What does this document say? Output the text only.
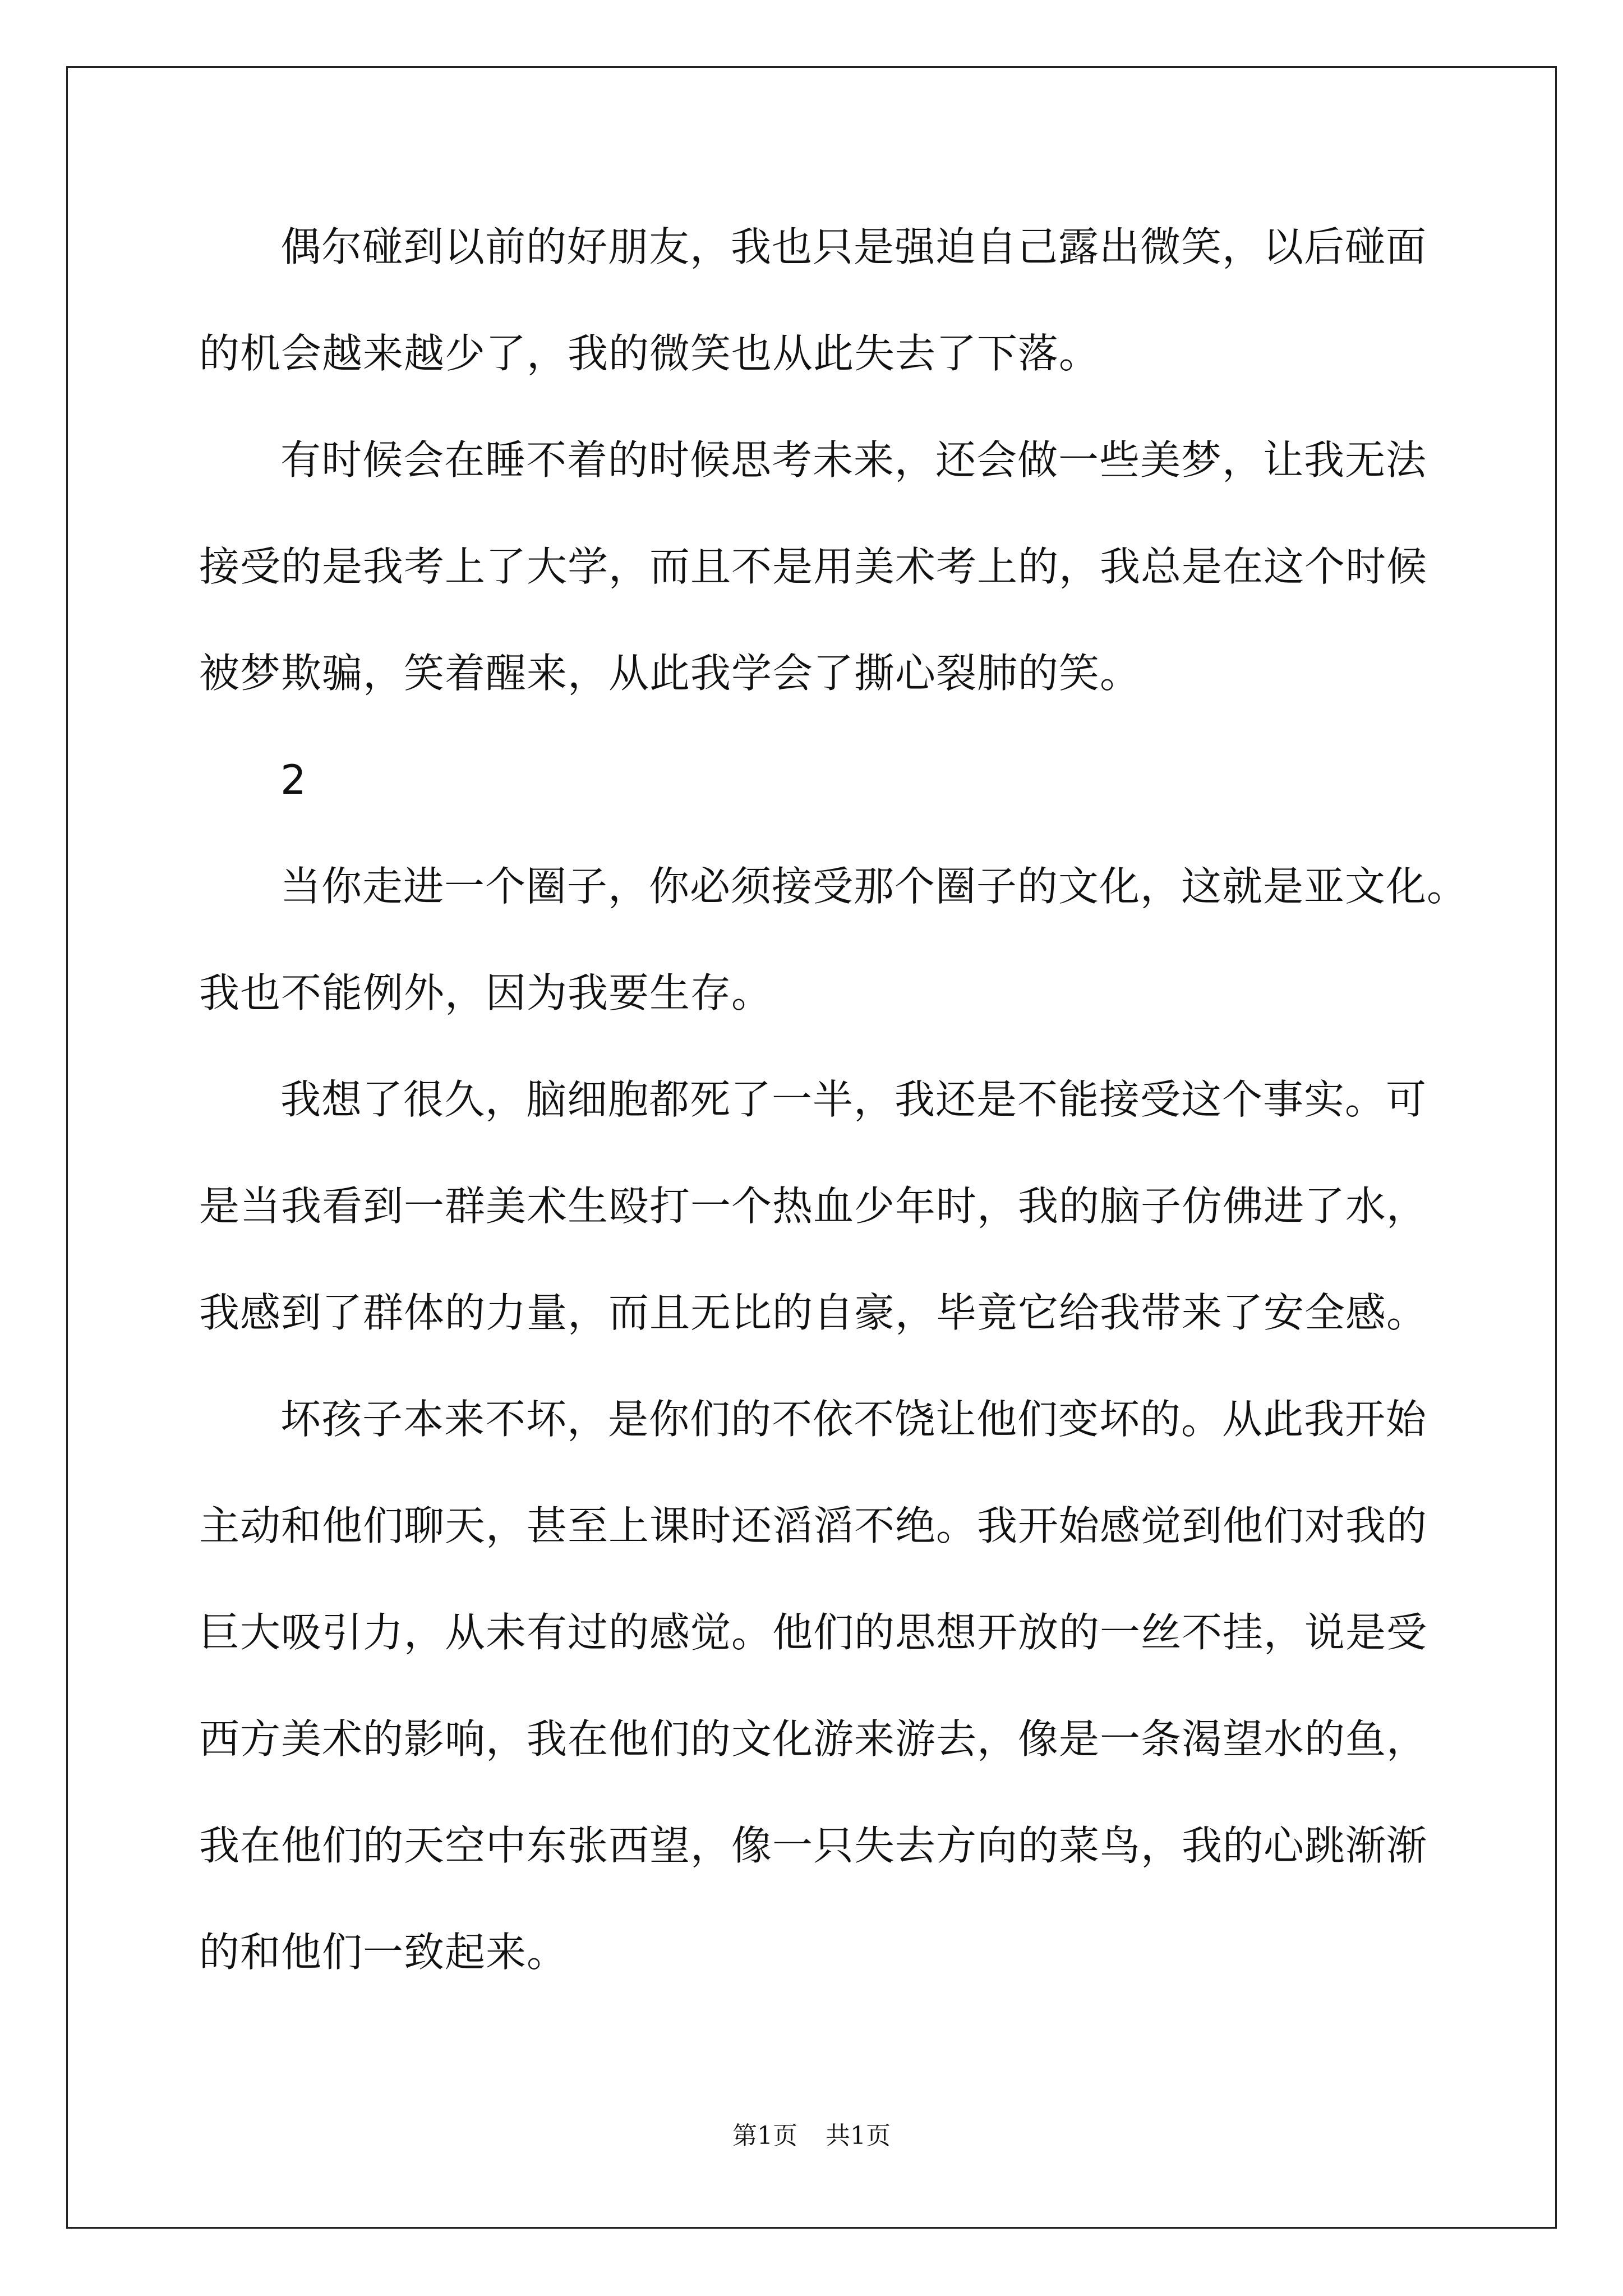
偶尔碰到以前的好朋友，我也只是强迫自己露出微笑，以后碰面
的机会越来越少了，我的微笑也从此失去了下落。
有时候会在睡不着的时候思考未来，还会做一些美梦，让我无法
接受的是我考上了大学，而且不是用美术考上的，我总是在这个时候
被梦欺骗，笑着醒来，从此我学会了撕心裂肺的笑。
2
当你走进一个圈子，你必须接受那个圈子的文化，这就是亚文化。
我也不能例外，因为我要生存。
我想了很久，脑细胞都死了一半，我还是不能接受这个事实。可
是当我看到一群美术生殴打一个热血少年时，我的脑子仿佛进了水，
我感到了群体的力量，而且无比的自豪，毕竟它给我带来了安全感。
坏孩子本来不坏，是你们的不依不饶让他们变坏的。从此我开始
主动和他们聊天，甚至上课时还滔滔不绝。我开始感觉到他们对我的
巨大吸引力，从未有过的感觉。他们的思想开放的一丝不挂，说是受
西方美术的影响，我在他们的文化游来游去，像是一条渴望水的鱼，
我在他们的天空中东张西望，像一只失去方向的菜鸟，我的心跳渐渐
的和他们一致起来。
第1页 共1页
